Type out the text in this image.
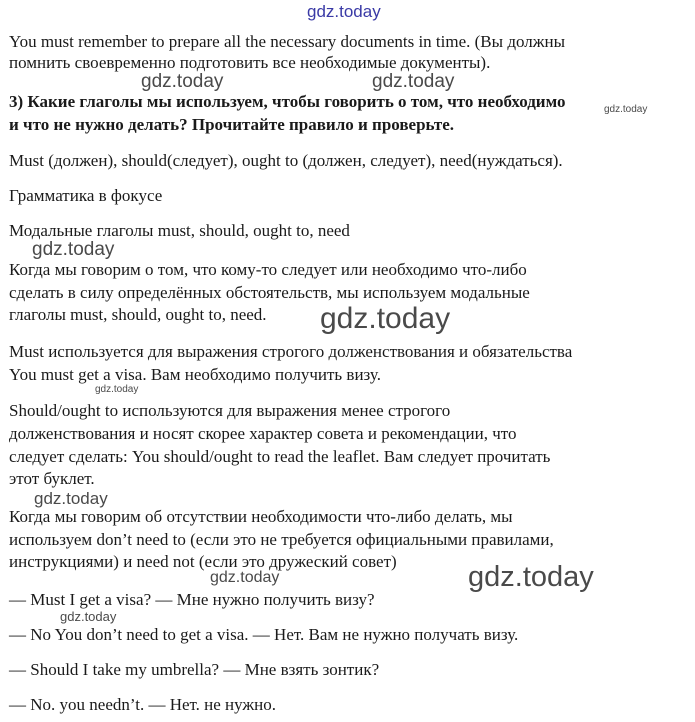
gdz.today
gdz.today	gdz.today
gdz.today
gdz.today
gdz.today
gdz.today
gdz.today
gdz.today
gdz.today
gdz.today

You must remember to prepare all the necessary documents in time. (Вы должны

помнить своевременно подготовить все необходимые документы).

3) Какие глаголы мы используем, чтобы говорить о том, что необходимо

и что не нужно делать? Прочитайте правило и проверьте.

Must (должен), should(следует), ought to (должен, следует), need(нуждаться).

Грамматика в фокусе

Модальные глаголы must, should, ought to, need

Когда мы говорим о том, что кому-то следует или необходимо что-либо

сделать в силу определённых обстоятельств, мы используем модальные

глаголы must, should, ought to, need.

Must используется для выражения строгого долженствования и обязательства

You must get a visa. Вам необходимо получить визу.

Should/ought to используются для выражения менее строгого

долженствования и носят скорее характер совета и рекомендации, что

следует сделать: You should/ought to read the leaflet. Вам следует прочитать

этот буклет.

Когда мы говорим об отсутствии необходимости что-либо делать, мы

используем don’t need to (если это не требуется официальными правилами,

инструкциями) и need not (если это дружеский совет)

— Must I get a visa? — Мне нужно получить визу?

— No You don’t need to get a visa. — Нет. Вам не нужно получать визу.

— Should I take my umbrella? — Мне взять зонтик?

— No. you needn’t. — Нет. не нужно.
